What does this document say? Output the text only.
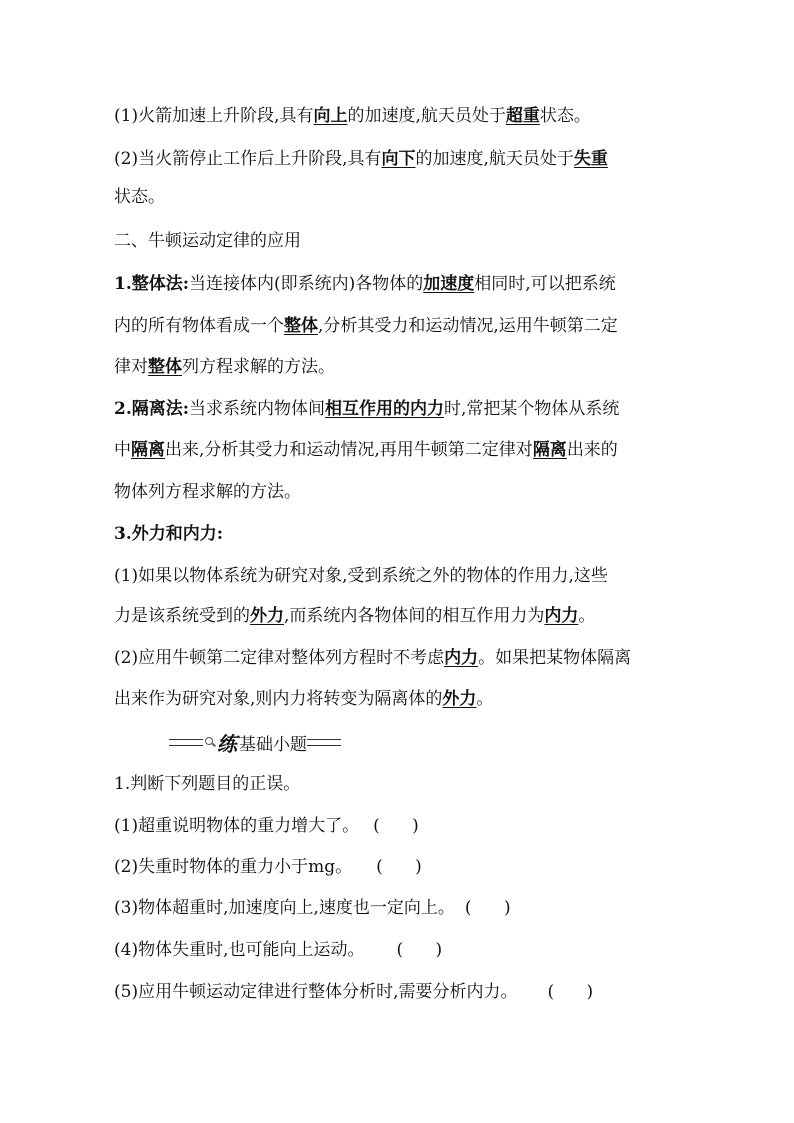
(1)火箭加速上升阶段,具有向上的加速度,航天员处于超重状态。
(2)当火箭停止工作后上升阶段,具有向下的加速度,航天员处于失重
状态。
二、牛顿运动定律的应用
1.整体法:当连接体内(即系统内)各物体的加速度相同时,可以把系统
内的所有物体看成一个整体,分析其受力和运动情况,运用牛顿第二定
律对整体列方程求解的方法。
2.隔离法:当求系统内物体间相互作用的内力时,常把某个物体从系统
中隔离出来,分析其受力和运动情况,再用牛顿第二定律对隔离出来的
物体列方程求解的方法。
3.外力和内力:
(1)如果以物体系统为研究对象,受到系统之外的物体的作用力,这些
力是该系统受到的外力,而系统内各物体间的相互作用力为内力。
(2)应用牛顿第二定律对整体列方程时不考虑内力。如果把某物体隔离
出来作为研究对象,则内力将转变为隔离体的外力。
练 基础小题
1.判断下列题目的正误。
(1)超重说明物体的重力增大了。 (      )
(2)失重时物体的重力小于mg。 (      )
(3)物体超重时,加速度向上,速度也一定向上。 (      )
(4)物体失重时,也可能向上运动。 (      )
(5)应用牛顿运动定律进行整体分析时,需要分析内力。 (      )
